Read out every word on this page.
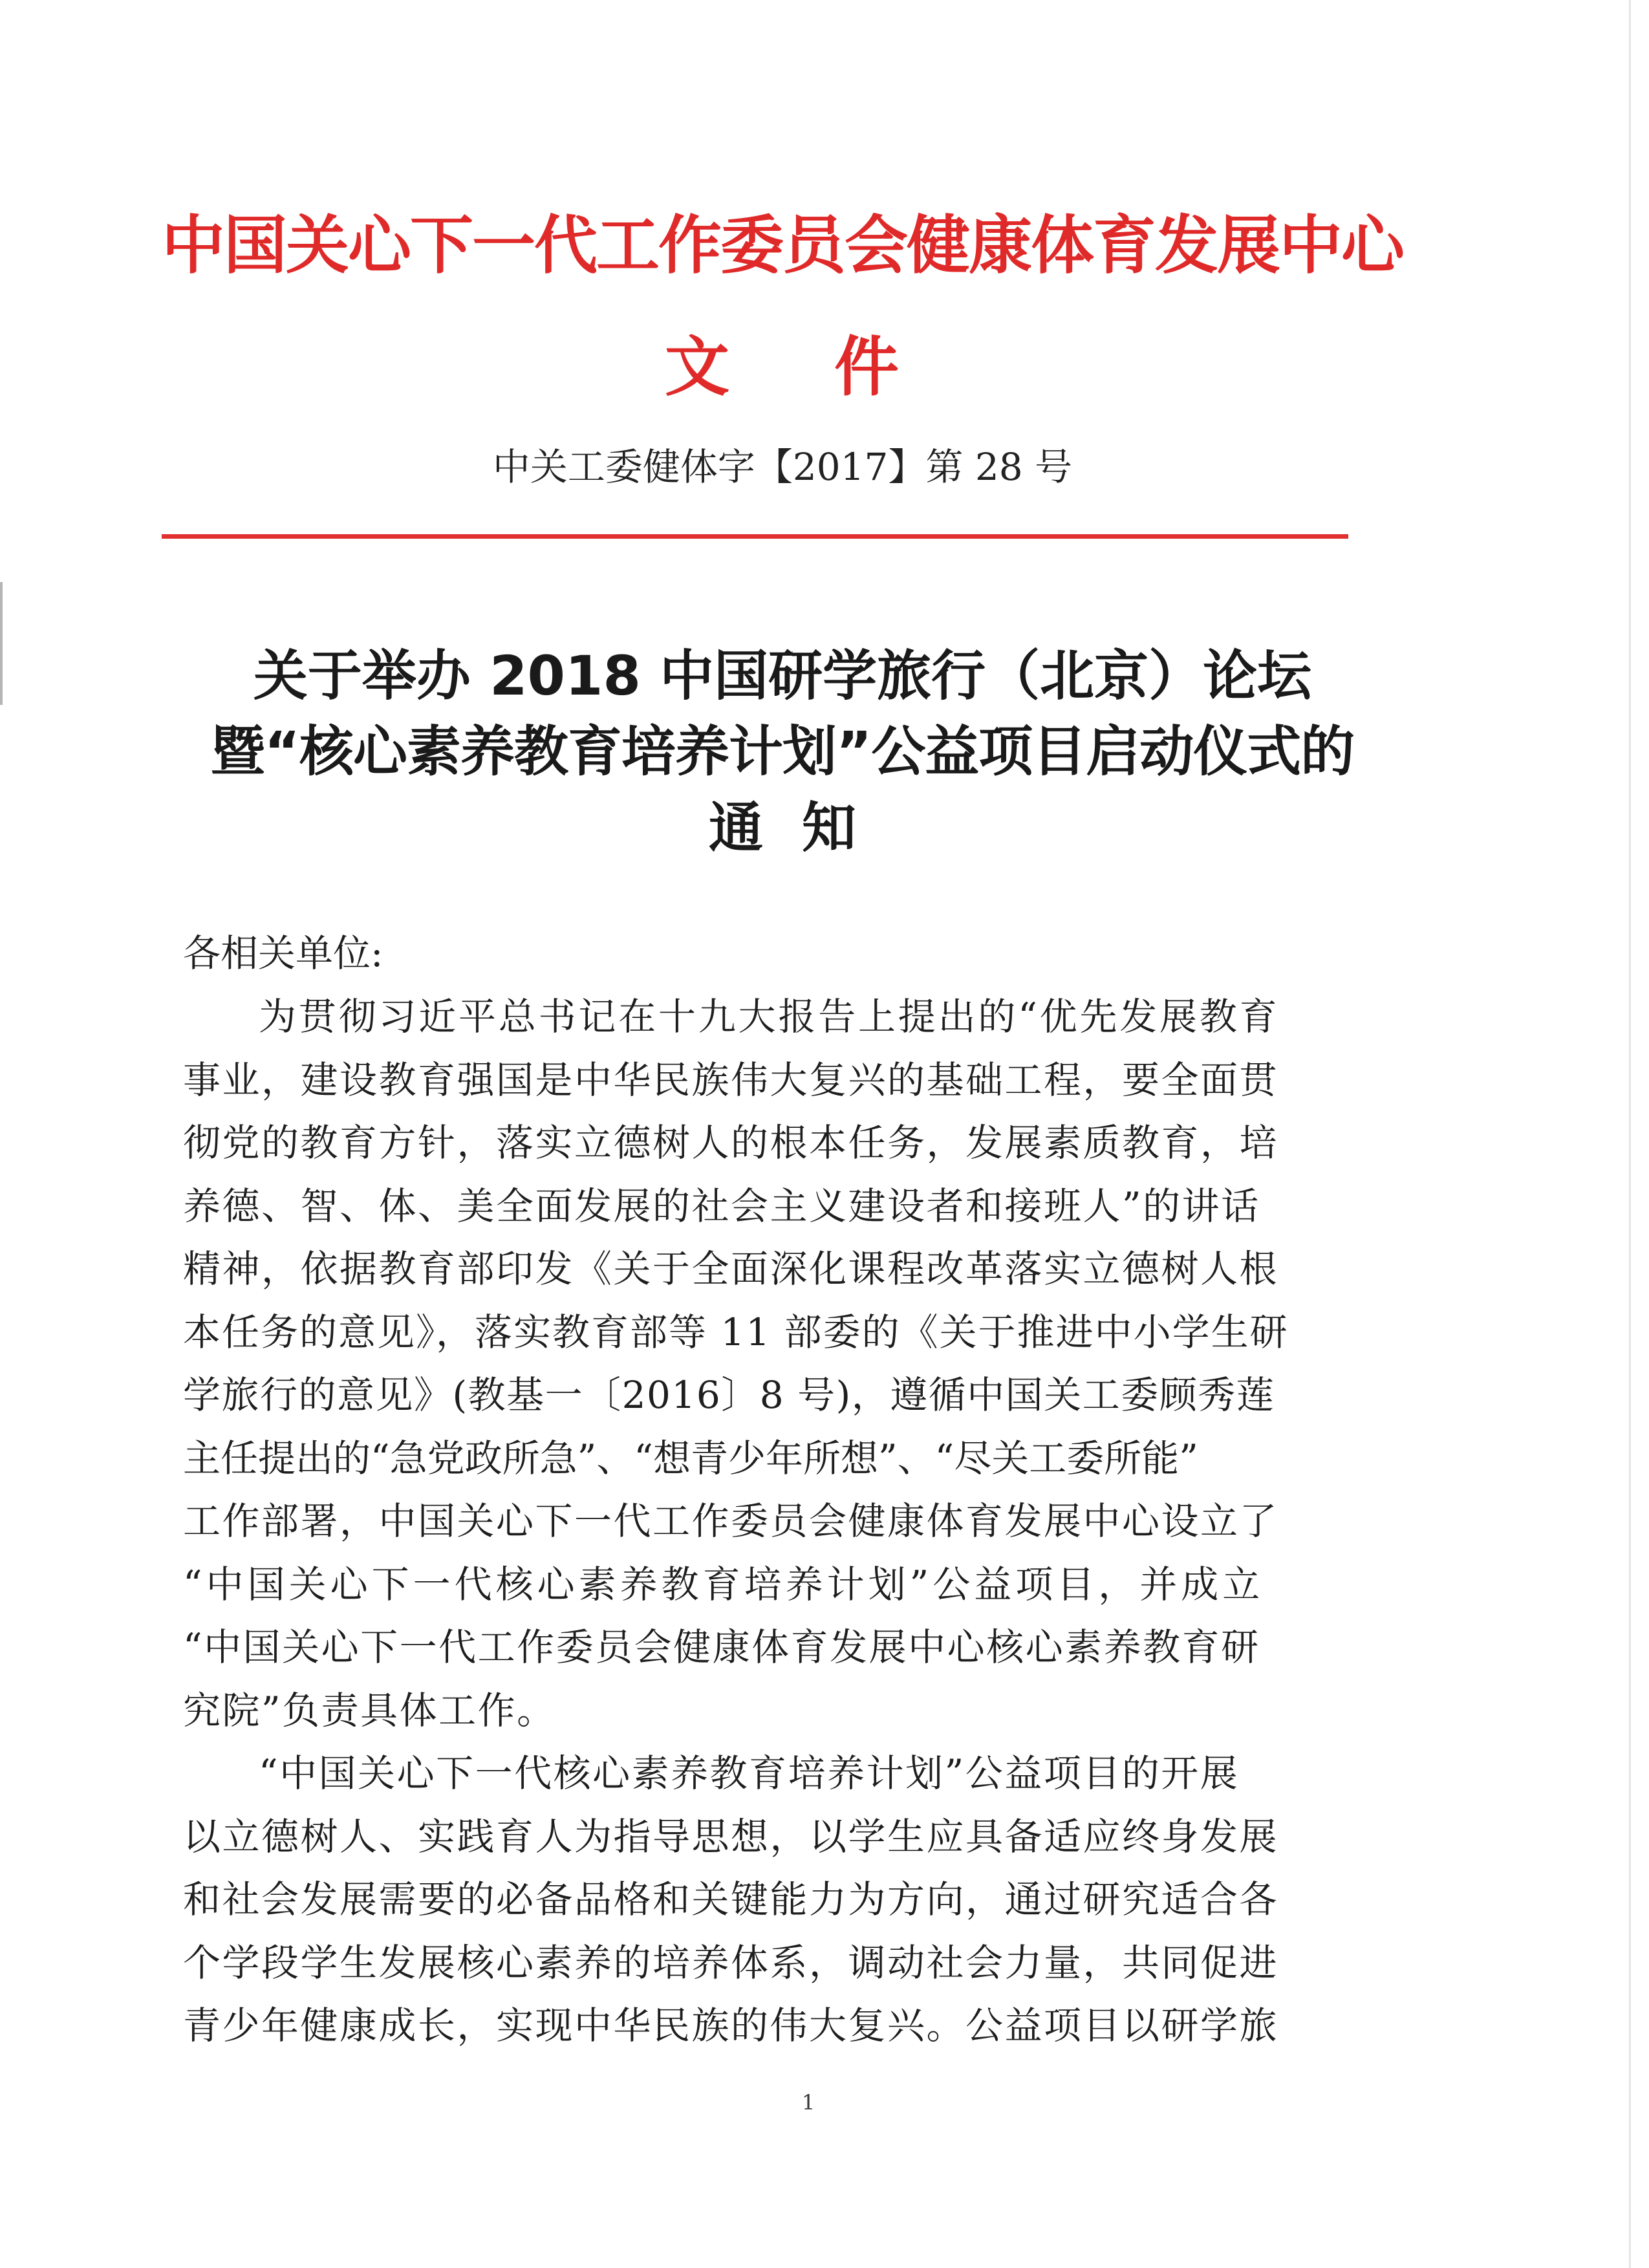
中国关心下一代工作委员会健康体育发展中心
文 件
中关工委健体字【2017】第 28 号
关于举办 2018 中国研学旅行（北京）论坛
暨“核心素养教育培养计划”公益项目启动仪式的
通 知
各相关单位:
为贯彻习近平总书记在十九大报告上提出的“优先发展教育
事业，建设教育强国是中华民族伟大复兴的基础工程，要全面贯
彻党的教育方针，落实立德树人的根本任务，发展素质教育，培
养德、智、体、美全面发展的社会主义建设者和接班人”的讲话
精神，依据教育部印发《关于全面深化课程改革落实立德树人根
本任务的意见》，落实教育部等 11 部委的《关于推进中小学生研
学旅行的意见》(教基一〔2016〕8 号)，遵循中国关工委顾秀莲
主任提出的“急党政所急”、“想青少年所想”、“尽关工委所能”
工作部署，中国关心下一代工作委员会健康体育发展中心设立了
“中国关心下一代核心素养教育培养计划”公益项目，并成立
“中国关心下一代工作委员会健康体育发展中心核心素养教育研
究院”负责具体工作。
“中国关心下一代核心素养教育培养计划”公益项目的开展
以立德树人、实践育人为指导思想，以学生应具备适应终身发展
和社会发展需要的必备品格和关键能力为方向，通过研究适合各
个学段学生发展核心素养的培养体系，调动社会力量，共同促进
青少年健康成长，实现中华民族的伟大复兴。公益项目以研学旅
1
